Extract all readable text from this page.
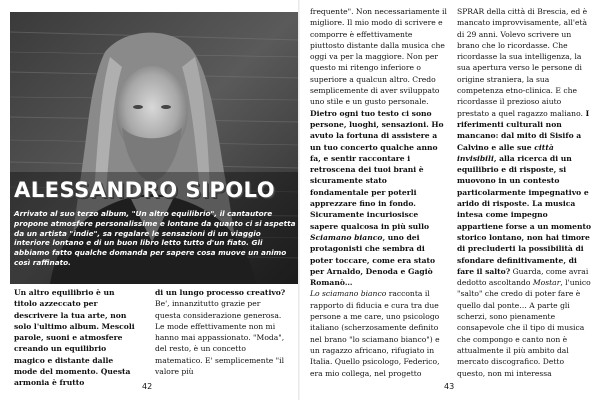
ALESSANDRO SIPOLO
Arrivato al suo terzo album, "Un altro equilibrio", il cantautore propone atmosfere personalissime e lontane da quanto ci si aspetta da un artista "indie", sa regalare le sensazioni di un viaggio interiore lontano e di un buon libro letto tutto d'un fiato. Gli abbiamo fatto qualche domanda per sapere cosa muove un animo così raffinato.

Un altro equilibrio è un titolo azzeccato per descrivere la tua arte, non solo l'ultimo album. Mescoli parole, suoni e atmosfere creando un equilibrio magico e distante dalle mode del momento. Questa armonia è frutto

di un lungo processo creativo? Be', innanzitutto grazie per questa considerazione generosa. Le mode effettivamente non mi hanno mai appassionato. "Moda", del resto, è un concetto matematico. E' semplicemente "il valore più

42

frequente". Non necessariamente il migliore. Il mio modo di scrivere e comporre è effettivamente piuttosto distante dalla musica che oggi va per la maggiore. Non per questo mi ritengo inferiore o superiore a qualcun altro. Credo semplicemente di aver sviluppato uno stile e un gusto personale. Dietro ogni tuo testo ci sono persone, luoghi, sensazioni. Ho avuto la fortuna di assistere a un tuo concerto qualche anno fa, e sentir raccontare i retroscena dei tuoi brani è sicuramente stato fondamentale per poterli apprezzare fino in fondo. Sicuramente incuriosisce sapere qualcosa in più sullo Sciamano bianco, uno dei protagonisti che sembra di poter toccare, come era stato per Arnaldo, Denoda e Gagiò Romanò…

Lo sciamano bianco racconta il rapporto di fiducia e cura tra due persone a me care, uno psicologo italiano (scherzosamente definito nel brano "lo sciamano bianco") e un ragazzo africano, rifugiato in Italia. Quello psicologo, Federico, era mio collega, nel progetto

SPRAR della città di Brescia, ed è mancato improvvisamente, all'età di 29 anni. Volevo scrivere un brano che lo ricordasse. Che ricordasse la sua intelligenza, la sua apertura verso le persone di origine straniera, la sua competenza etno-clinica. E che ricordasse il prezioso aiuto prestato a quel ragazzo maliano. I riferimenti culturali non mancano: dal mito di Sisifo a Calvino e alle sue città invisibili, alla ricerca di un equilibrio e di risposte, si muovono in un contesto particolarmente impegnativo e arido di risposte. La musica intesa come impegno appartiene forse a un momento storico lontano, non hai timore di precluderti la possibilità di sfondare definitivamente, di fare il salto? Guarda, come avrai dedotto ascoltando Mostar, l'unico "salto" che credo di poter fare è quello dal ponte… A parte gli scherzi, sono pienamente consapevole che il tipo di musica che compongo e canto non è attualmente il più ambito dal mercato discografico. Detto questo, non mi interessa

43
